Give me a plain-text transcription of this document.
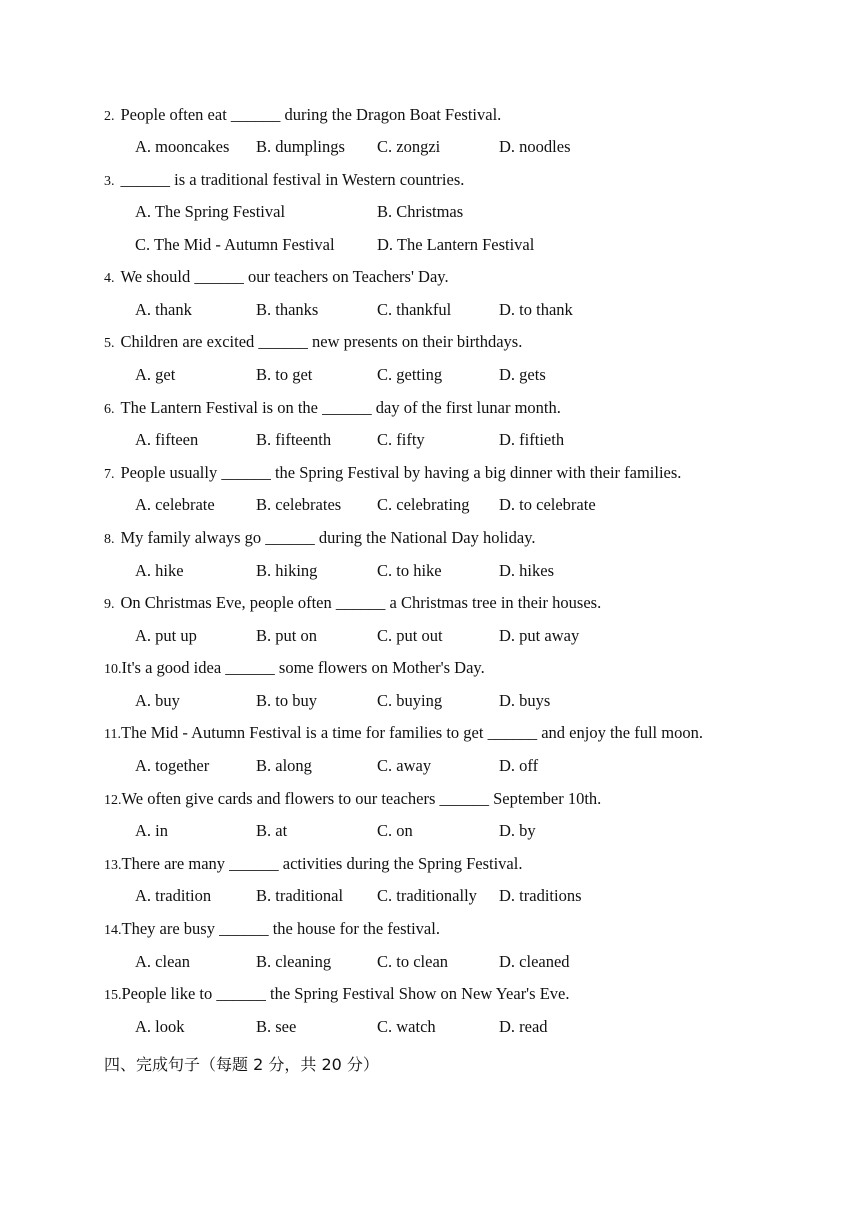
2. People often eat ______ during the Dragon Boat Festival.
A. mooncakes B. dumplings C. zongzi	D. noodles
3. ______ is a traditional festival in Western countries.
A. The Spring Festival	B. Christmas
C. The Mid - Autumn Festival	D. The Lantern Festival
4. We should ______ our teachers on Teachers' Day.
A. thank	B. thanks	C. thankful	D. to thank
5. Children are excited ______ new presents on their birthdays.
A. get	B. to get	C. getting	D. gets
6. The Lantern Festival is on the ______ day of the first lunar month.
A. fifteen	B. fifteenth	C. fifty	D. fiftieth
7. People usually ______ the Spring Festival by having a big dinner with their families.
A. celebrate	B. celebrates C. celebrating D. to celebrate
8. My family always go ______ during the National Day holiday.
A. hike	B. hiking	C. to hike	D. hikes
9. On Christmas Eve, people often ______ a Christmas tree in their houses.
A. put up	B. put on	C. put out	D. put away
10.It's a good idea ______ some flowers on Mother's Day.
A. buy	B. to buy	C. buying	D. buys
11.The Mid - Autumn Festival is a time for families to get ______ and enjoy the full moon.
A. together	B. along	C. away	D. off
12.We often give cards and flowers to our teachers ______ September 10th.
A. in	B. at	C. on	D. by
13.There are many ______ activities during the Spring Festival.
A. tradition	B. traditional C. traditionally D. traditions
14.They are busy ______ the house for the festival.
A. clean	B. cleaning	C. to clean	D. cleaned
15.People like to ______ the Spring Festival Show on New Year's Eve.
A. look	B. see	C. watch	D. read
四、完成句子（每题 2 分，共 20 分）
